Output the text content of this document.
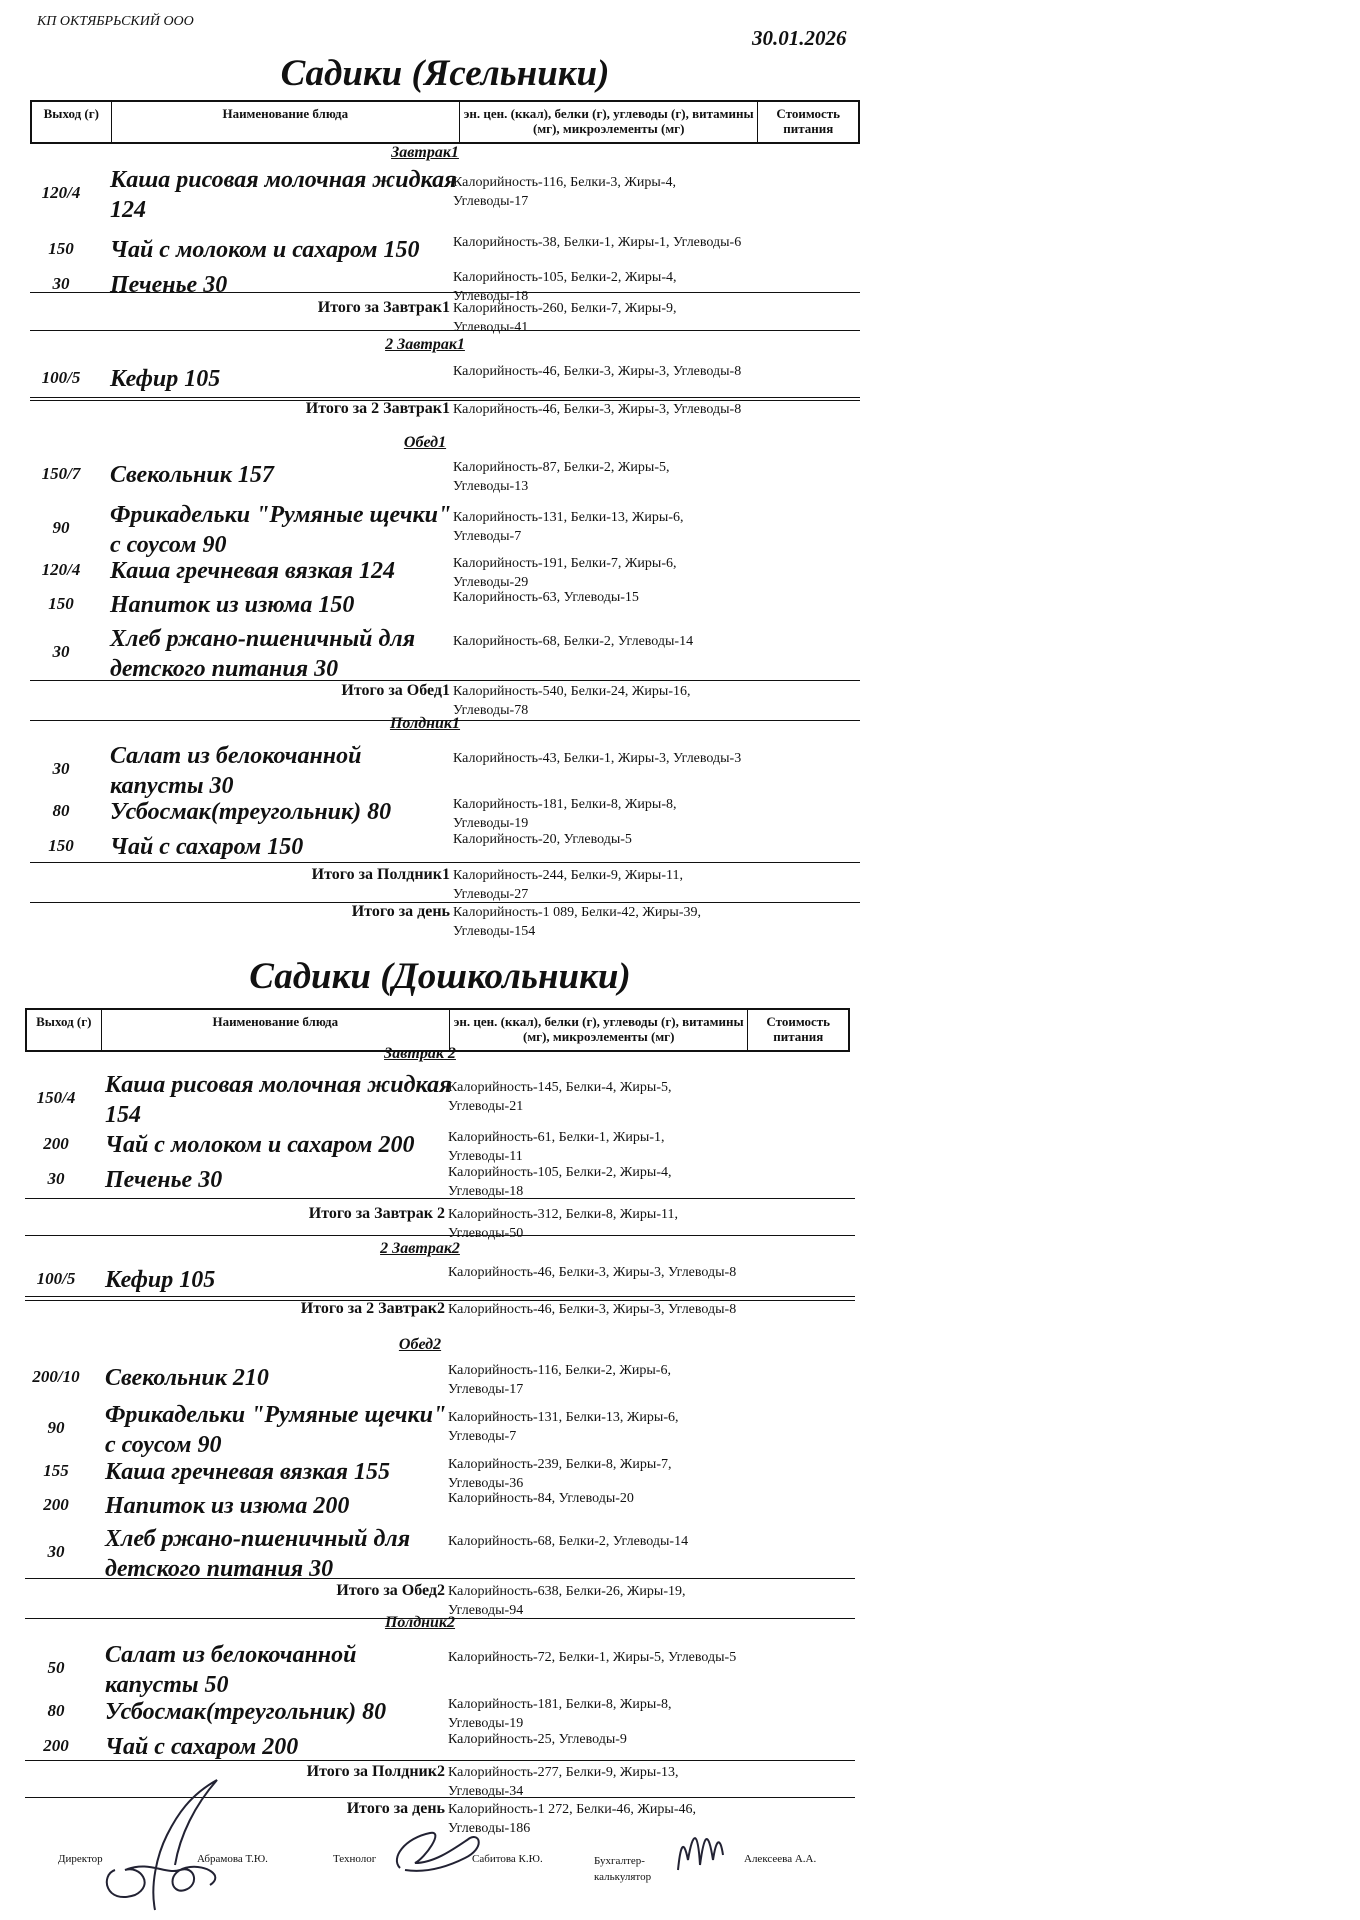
КП ОКТЯБРЬСКИЙ ООО
30.01.2026
Садики (Ясельники)
Выход (г)	Наименование блюда	эн. цен. (ккал), белки (г), углеводы (г), витамины (мг), микроэлементы (мг)
Стоимость питания
Завтрак1
120/4	Каша рисовая молочная жидкая 124
Калорийность-116, Белки-3, Жиры-4, Углеводы-17
150	Чай с молоком и сахаром 150	Калорийность-38, Белки-1, Жиры-1, Углеводы-6
30	Печенье 30	Калорийность-105, Белки-2, Жиры-4, Углеводы-18
Итого за Завтрак1 Калорийность-260, Белки-7, Жиры-9, Углеводы-41
2 Завтрак1
100/5	Кефир 105	Калорийность-46, Белки-3, Жиры-3, Углеводы-8
Итого за 2 Завтрак1 Калорийность-46, Белки-3, Жиры-3, Углеводы-8
Обед1
150/7	Свекольник 157	Калорийность-87, Белки-2, Жиры-5, Углеводы-13
90	Фрикадельки "Румяные щечки" с соусом 90
Калорийность-131, Белки-13, Жиры-6, Углеводы-7
120/4	Каша гречневая вязкая 124	Калорийность-191, Белки-7, Жиры-6, Углеводы-29
150	Напиток из изюма 150	Калорийность-63, Углеводы-15
30	Хлеб ржано-пшеничный для детского питания 30
Калорийность-68, Белки-2, Углеводы-14
Итого за Обед1 Калорийность-540, Белки-24, Жиры-16, Углеводы-78
Полдник1
30	Салат из белокочанной капусты 30
Калорийность-43, Белки-1, Жиры-3, Углеводы-3
80	Усбосмак(треугольник) 80	Калорийность-181, Белки-8, Жиры-8, Углеводы-19
150	Чай с сахаром 150	Калорийность-20, Углеводы-5
Итого за Полдник1 Калорийность-244, Белки-9, Жиры-11, Углеводы-27
Итого за день Калорийность-1 089, Белки-42, Жиры-39, Углеводы-154
Садики (Дошкольники)
Выход (г)	Наименование блюда	эн. цен. (ккал), белки (г), углеводы (г), витамины (мг), микроэлементы (мг)
Стоимость питания
Завтрак 2
150/4	Каша рисовая молочная жидкая 154
Калорийность-145, Белки-4, Жиры-5, Углеводы-21
200	Чай с молоком и сахаром 200	Калорийность-61, Белки-1, Жиры-1, Углеводы-11
30	Печенье 30	Калорийность-105, Белки-2, Жиры-4, Углеводы-18
Итого за Завтрак 2 Калорийность-312, Белки-8, Жиры-11, Углеводы-50
2 Завтрак2
100/5	Кефир 105	Калорийность-46, Белки-3, Жиры-3, Углеводы-8
Итого за 2 Завтрак2 Калорийность-46, Белки-3, Жиры-3, Углеводы-8
Обед2
200/10	Свекольник 210	Калорийность-116, Белки-2, Жиры-6, Углеводы-17
90	Фрикадельки "Румяные щечки" с соусом 90
Калорийность-131, Белки-13, Жиры-6, Углеводы-7
155	Каша гречневая вязкая 155	Калорийность-239, Белки-8, Жиры-7, Углеводы-36
200	Напиток из изюма 200	Калорийность-84, Углеводы-20
30	Хлеб ржано-пшеничный для детского питания 30
Калорийность-68, Белки-2, Углеводы-14
Итого за Обед2 Калорийность-638, Белки-26, Жиры-19, Углеводы-94
Полдник2
50	Салат из белокочанной капусты 50
Калорийность-72, Белки-1, Жиры-5, Углеводы-5
80	Усбосмак(треугольник) 80	Калорийность-181, Белки-8, Жиры-8, Углеводы-19
200	Чай с сахаром 200	Калорийность-25, Углеводы-9
Итого за Полдник2 Калорийность-277, Белки-9, Жиры-13, Углеводы-34
Итого за день Калорийность-1 272, Белки-46, Жиры-46, Углеводы-186
Директор	Абрамова Т.Ю.	Технолог	Сабитова К.Ю.	Бухгалтер-калькулятор
Алексеева А.А.
